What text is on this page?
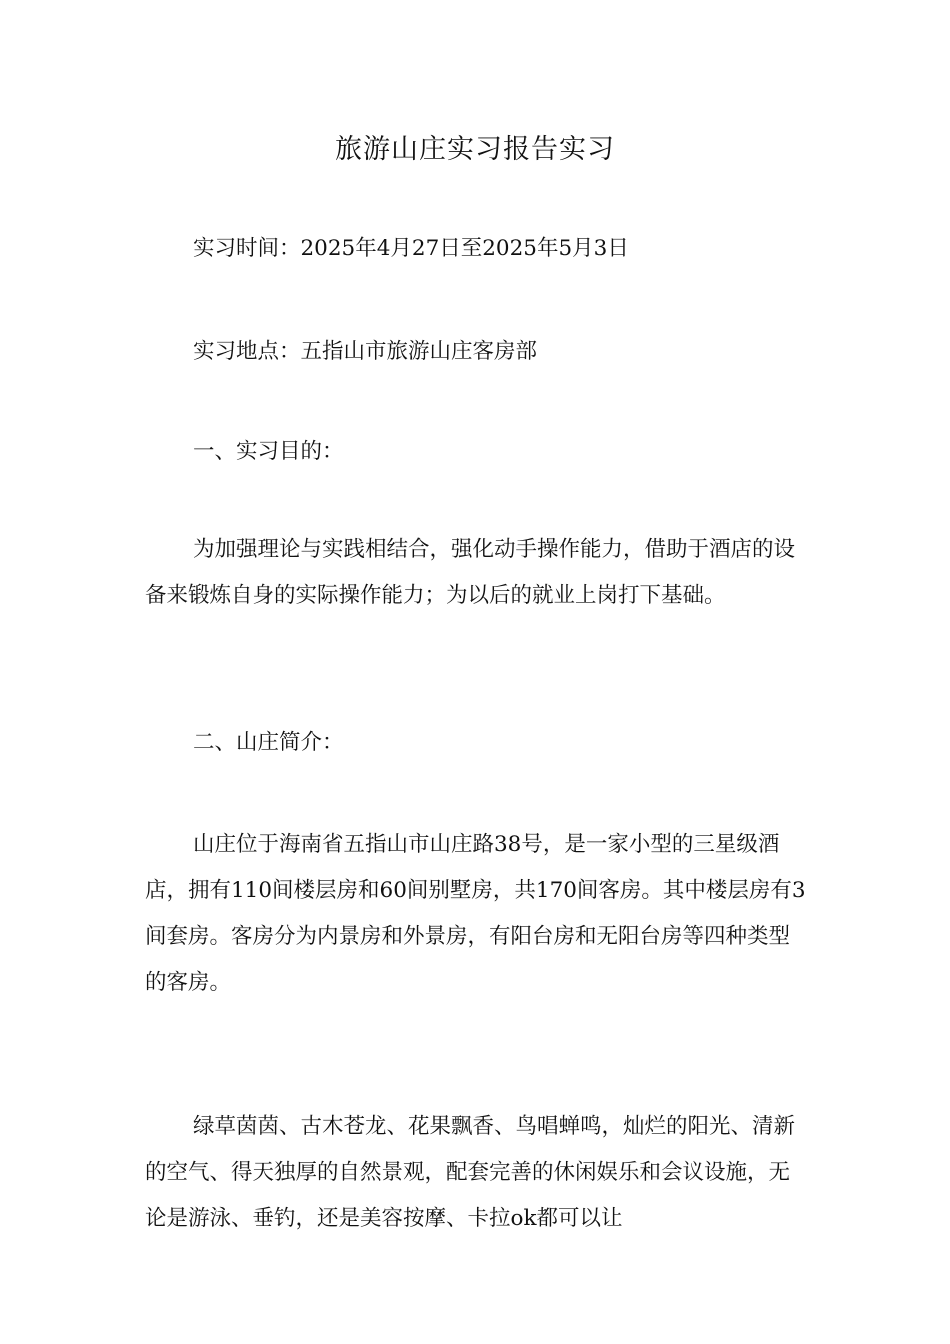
旅游山庄实习报告实习

实习时间：2025年4月27日至2025年5月3日

实习地点：五指山市旅游山庄客房部

一、实习目的：

为加强理论与实践相结合，强化动手操作能力，借助于酒店的设备来锻炼自身的实际操作能力；为以后的就业上岗打下基础。

二、山庄简介：

山庄位于海南省五指山市山庄路38号，是一家小型的三星级酒店，拥有110间楼层房和60间别墅房，共170间客房。其中楼层房有3间套房。客房分为内景房和外景房，有阳台房和无阳台房等四种类型的客房。

绿草茵茵、古木苍龙、花果飘香、鸟唱蝉鸣，灿烂的阳光、清新的空气、得天独厚的自然景观，配套完善的休闲娱乐和会议设施，无论是游泳、垂钓，还是美容按摩、卡拉ok都可以让
